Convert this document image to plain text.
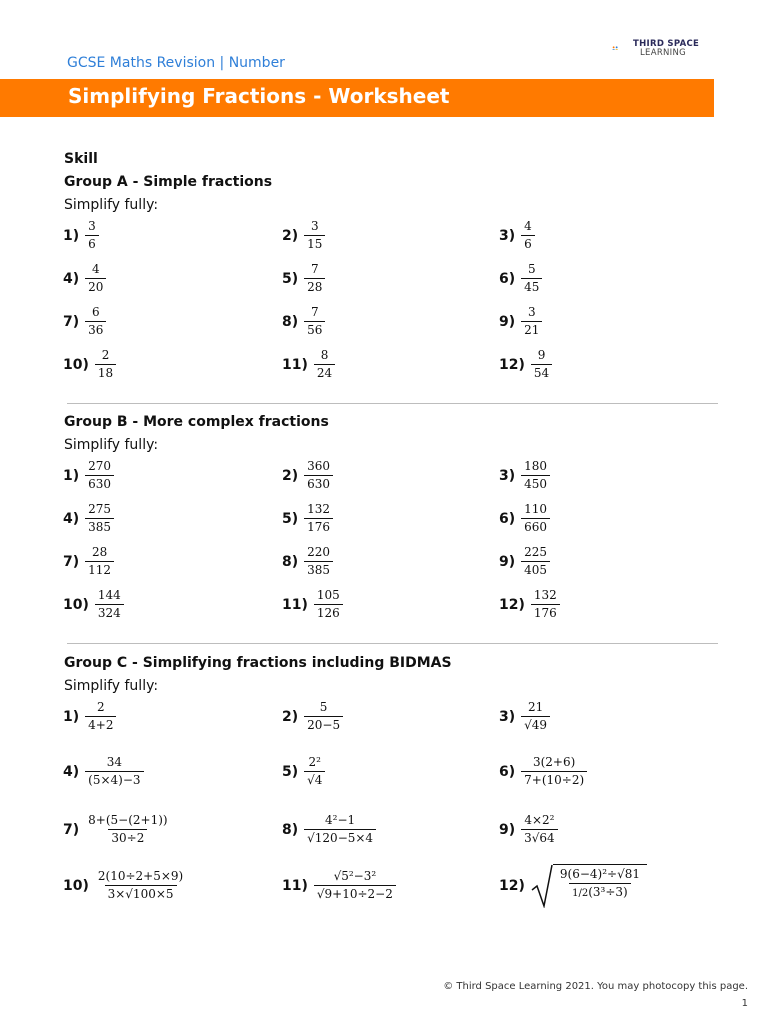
GCSE Maths Revision | Number
THIRD SPACE
LEARNING
Simplifying Fractions - Worksheet
Skill
Group A - Simple fractions
Simplify fully:
$1) \frac{3}{6}$	$2) \frac{3}{15}$	$3) \frac{4}{6}$
$4) \frac{4}{20}$	$5) \frac{7}{28}$	$6) \frac{5}{45}$
$7) \frac{6}{36}$	$8) \frac{7}{56}$	$9) \frac{3}{21}$
$10) \frac{2}{18}$	$11) \frac{8}{24}$	$12) \frac{9}{54}$
Group B - More complex fractions
Simplify fully:
$1) \frac{270}{630}$	$2) \frac{360}{630}$	$3) \frac{180}{450}$
$4) \frac{275}{385}$	$5) \frac{132}{176}$	$6) \frac{110}{660}$
$7) \frac{28}{112}$	$8) \frac{220}{385}$	$9) \frac{225}{405}$
$10) \frac{144}{324}$	$11) \frac{105}{126}$	$12) \frac{132}{176}$
Group C - Simplifying fractions including BIDMAS
Simplify fully:
$1) \frac{2}{4+2}$	$2) \frac{5}{20-5}$	$3) \frac{21}{√49}$
$4) \frac{34}{(5\times 4)-3}$	$5) \frac{\text{2²}}{√4}$	$6) \frac{3(2+6)}{7+(10\div 2)}$
$7) \frac{8+(5-(2+1))}{30\div 2}$	$8) \frac{\text{4²−1}}{√120-5\times 4}$	$9) \frac{\text{4×2²}}{3√64}$
$10) \frac{2(10\div 2+5\times 9)}{3\times√100\times 5}$	$11) \frac{\text{√5²−3²}}{√9+10\div 2-2}$	12)	$\frac{\text{9(6−4)²÷√81}}{\text{1/2(3³÷3)}}$
© Third Space Learning 2021. You may photocopy this page.
1
